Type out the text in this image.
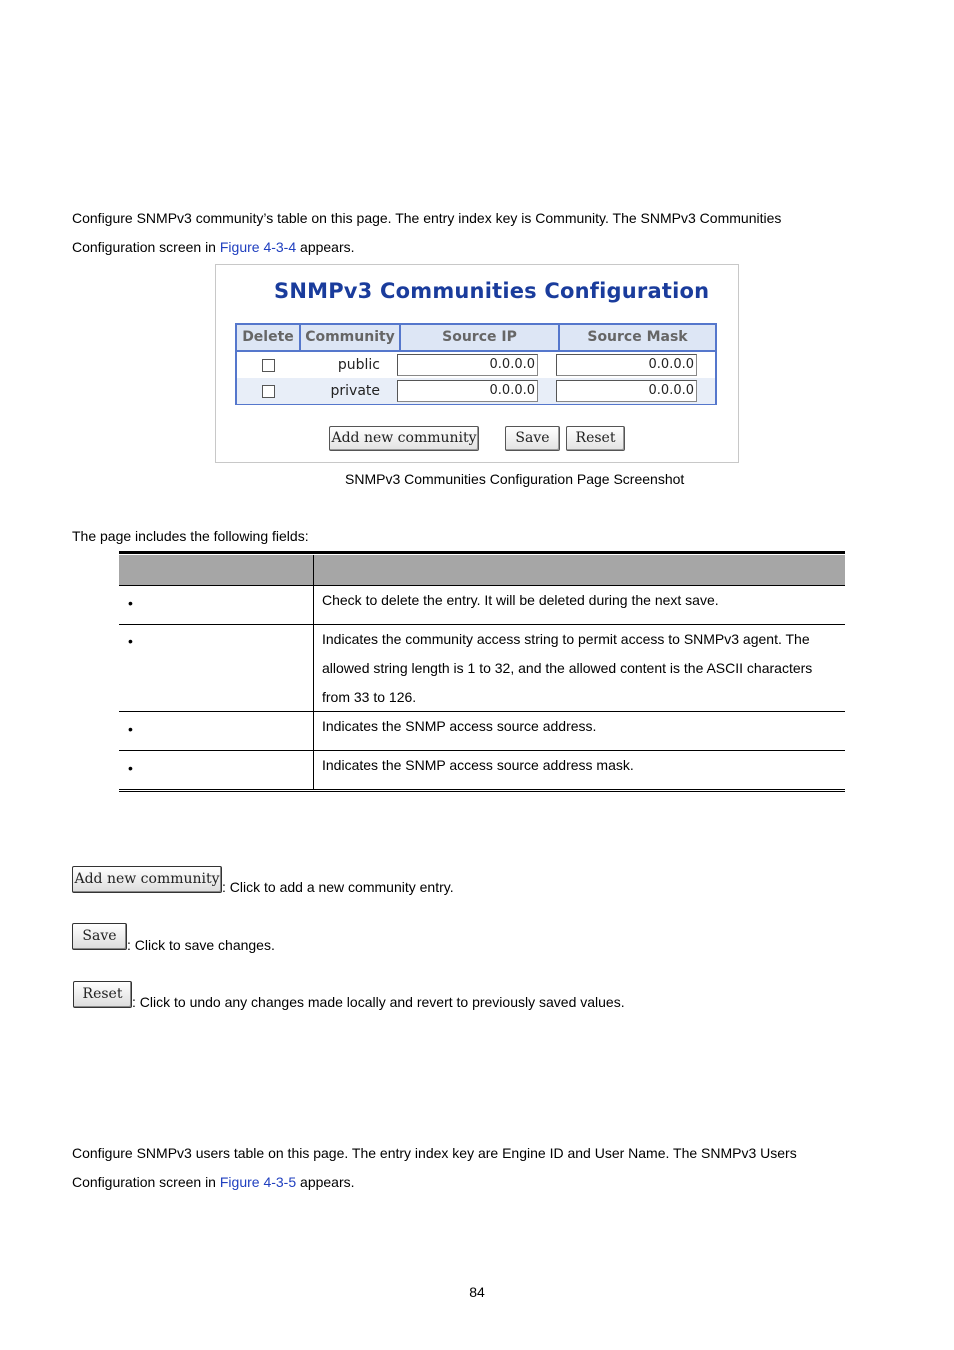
Configure SNMPv3 community’s table on this page. The entry index key is Community. The SNMPv3 Communities
Configuration screen in Figure 4-3-4 appears.

SNMPv3 Communities Configuration
Delete Community	Source IP	Source Mask
public	0.0.0.0	0.0.0.0
private	0.0.0.0	0.0.0.0
Add new community	Save	Reset
SNMPv3 Communities Configuration Page Screenshot

The page includes the following fields:

•	Check to delete the entry. It will be deleted during the next save.

•	Indicates the community access string to permit access to SNMPv3 agent. The allowed string length is 1 to 32, and the allowed content is the ASCII characters from 33 to 126.

•	Indicates the SNMP access source address.

•	Indicates the SNMP access source address mask.

Add new community : Click to add a new community entry.
Save
: Click to save changes.
Reset : Click to undo any changes made locally and revert to previously saved values.

Configure SNMPv3 users table on this page. The entry index key are Engine ID and User Name. The SNMPv3 Users
Configuration screen in Figure 4-3-5 appears.

84
